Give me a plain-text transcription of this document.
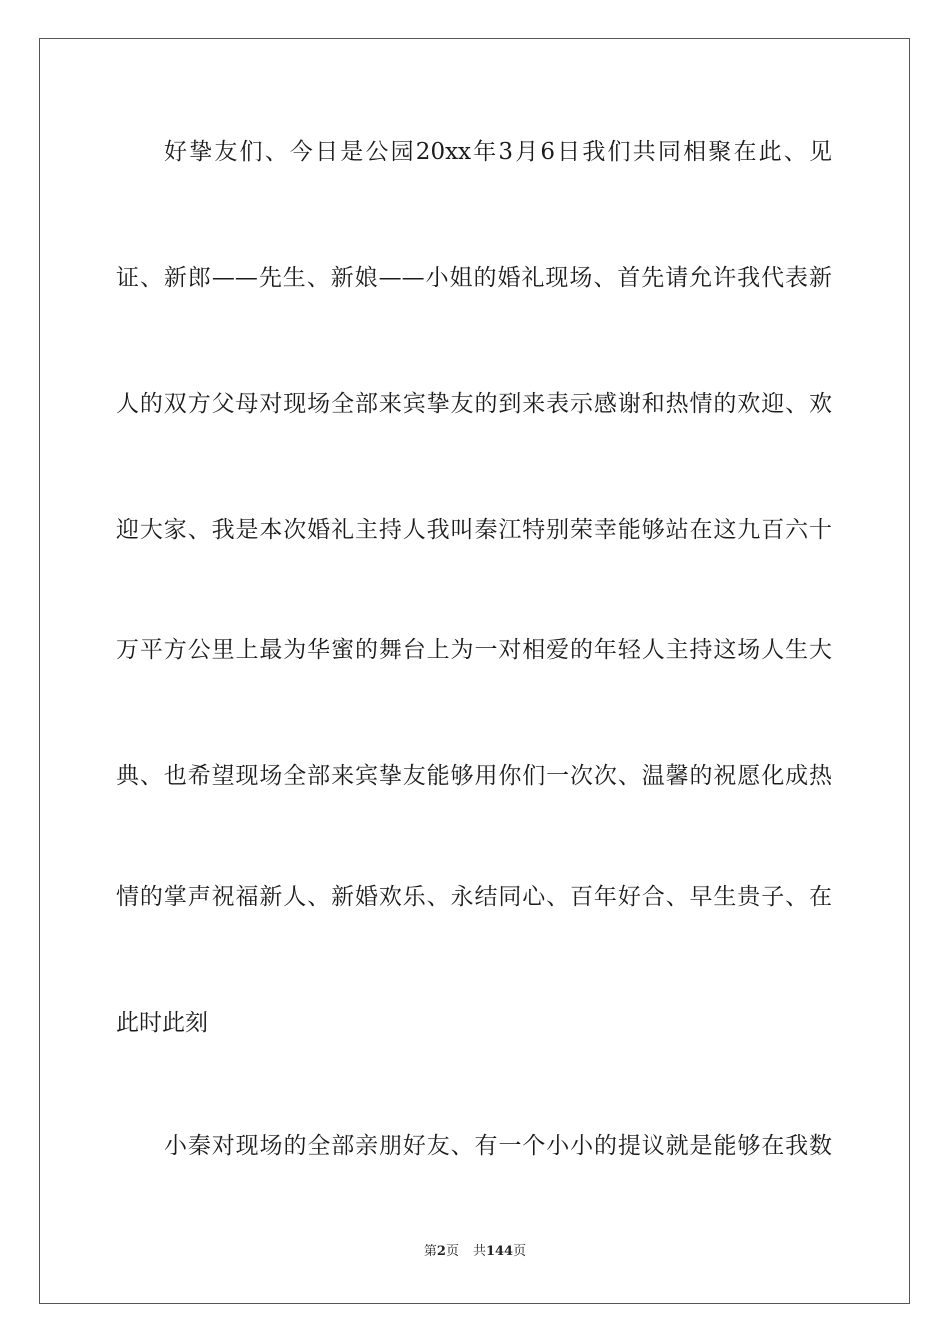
好挚友们、今日是公园20xx年3月6日我们共同相聚在此、见
证、新郎——先生、新娘——小姐的婚礼现场、首先请允许我代表新
人的双方父母对现场全部来宾挚友的到来表示感谢和热情的欢迎、欢
迎大家、我是本次婚礼主持人我叫秦江特别荣幸能够站在这九百六十
万平方公里上最为华蜜的舞台上为一对相爱的年轻人主持这场人生大
典、也希望现场全部来宾挚友能够用你们一次次、温馨的祝愿化成热
情的掌声祝福新人、新婚欢乐、永结同心、百年好合、早生贵子、在
此时此刻
小秦对现场的全部亲朋好友、有一个小小的提议就是能够在我数
第2页 共144页
